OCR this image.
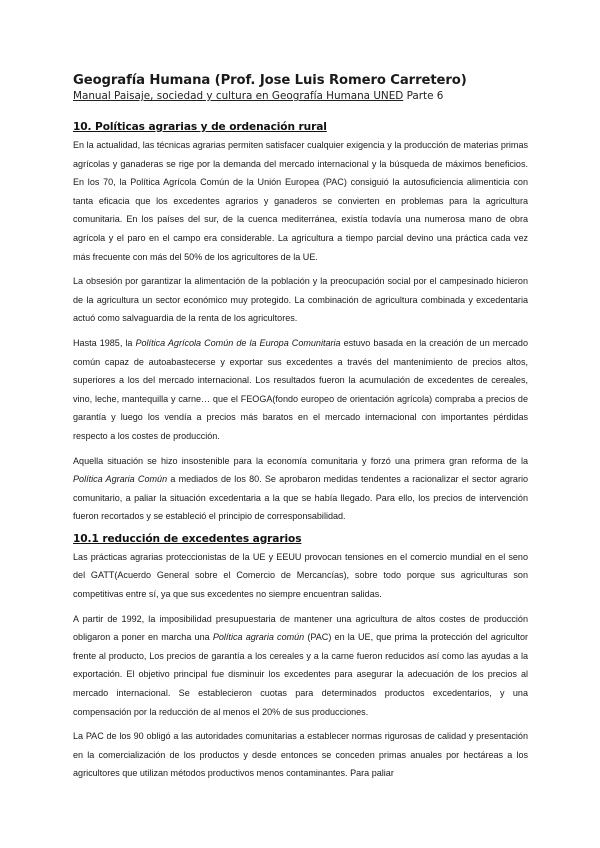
Geografía Humana (Prof. Jose Luis Romero Carretero)
Manual Paisaje, sociedad y cultura en Geografía Humana UNED Parte 6
10. Políticas agrarias y de ordenación rural

En la actualidad, las técnicas agrarias permiten satisfacer cualquier exigencia y la producción de materias primas agrícolas y ganaderas se rige por la demanda del mercado internacional y la búsqueda de máximos beneficios. En los 70, la Política Agrícola Común de la Unión Europea (PAC) consiguió la autosuficiencia alimenticia con tanta eficacia que los excedentes agrarios y ganaderos se convierten en problemas para la agricultura comunitaria. En los países del sur, de la cuenca mediterránea, existía todavía una numerosa mano de obra agrícola y el paro en el campo era considerable. La agricultura a tiempo parcial devino una práctica cada vez más frecuente con más del 50% de los agricultores de la UE.

La obsesión por garantizar la alimentación de la población y la preocupación social por el campesinado hicieron de la agricultura un sector económico muy protegido. La combinación de agricultura combinada y excedentaria actuó como salvaguardia de la renta de los agricultores.

Hasta 1985, la Política Agrícola Común de la Europa Comunitaria estuvo basada en la creación de un mercado común capaz de autoabastecerse y exportar sus excedentes a través del mantenimiento de precios altos, superiores a los del mercado internacional. Los resultados fueron la acumulación de excedentes de cereales, vino, leche, mantequilla y carne… que el FEOGA(fondo europeo de orientación agrícola) compraba a precios de garantía y luego los vendía a precios más baratos en el mercado internacional con importantes pérdidas respecto a los costes de producción.

Aquella situación se hizo insostenible para la economía comunitaria y forzó una primera gran reforma de la Política Agraria Común a mediados de los 80. Se aprobaron medidas tendentes a racionalizar el sector agrario comunitario, a paliar la situación excedentaria a la que se había llegado. Para ello, los precios de intervención fueron recortados y se estableció el principio de corresponsabilidad.

10.1 reducción de excedentes agrarios

Las prácticas agrarias proteccionistas de la UE y EEUU provocan tensiones en el comercio mundial en el seno del GATT(Acuerdo General sobre el Comercio de Mercancías), sobre todo porque sus agriculturas son competitivas entre sí, ya que sus excedentes no siempre encuentran salidas.

A partir de 1992, la imposibilidad presupuestaria de mantener una agricultura de altos costes de producción obligaron a poner en marcha una Política agraria común (PAC) en la UE, que prima la protección del agricultor frente al producto, Los precios de garantía a los cereales y a la carne fueron reducidos así como las ayudas a la exportación. El objetivo principal fue disminuir los excedentes para asegurar la adecuación de los precios al mercado internacional. Se establecieron cuotas para determinados productos excedentarios, y una compensación por la reducción de al menos el 20% de sus producciones.

La PAC de los 90 obligó a las autoridades comunitarias a establecer normas rigurosas de calidad y presentación en la comercialización de los productos y desde entonces se conceden primas anuales por hectáreas a los agricultores que utilizan métodos productivos menos contaminantes. Para paliar
